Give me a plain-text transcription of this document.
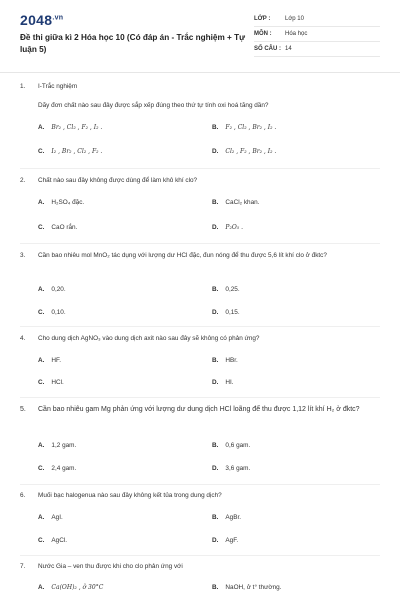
$2048^{.vn}$
Đề thi giữa kì 2 Hóa học 10 (Có đáp án - Trắc nghiệm + Tự luận 5)
LỚP : Lớp 10
MÔN : Hóa học
SỐ CÂU : 14
1.	I-Trắc nghiệm
Dãy đơn chất nào sau đây được sắp xếp đúng theo thứ tự tính oxi hoá tăng dần?
A. Br₂ , Cl₂ , F₂ , I₂ .	B. F₂ , Cl₂ , Br₂ , I₂ .
C. I₂ , Br₂ , Cl₂ , F₂ .	D. Cl₂ , F₂ , Br₂ , I₂ .
2.	Chất nào sau đây không được dùng để làm khô khí clo?
A. H₂SO₄ đặc.	B. CaCl₂ khan.
C. CaO rắn.	D. P₂O₅ .
3.	Cần bao nhiêu mol MnO₂ tác dụng với lượng dư HCl đặc, đun nóng để thu được 5,6 lít khí clo ở đktc?
A. 0,20.	B. 0,25.
C. 0,10.	D. 0,15.
4.	Cho dung dịch AgNO₃ vào dung dịch axit nào sau đây sẽ không có phản ứng?
A. HF.	B. HBr.
C. HCl.	D. HI.
5.	Cần bao nhiêu gam Mg phản ứng với lượng dư dung dịch HCl loãng để thu được 1,12 lít khí H₂ ở đktc?
A. 1,2 gam.	B. 0,6 gam.
C. 2,4 gam.	D. 3,6 gam.
6.	Muối bạc halogenua nào sau đây không kết tủa trong dung dịch?
A. AgI.	B. AgBr.
C. AgCl.	D. AgF.
7.	Nước Gia – ven thu được khi cho clo phản ứng với
A. Ca(OH)₂ , ở 30°C	B. NaOH, ở t° thường.
